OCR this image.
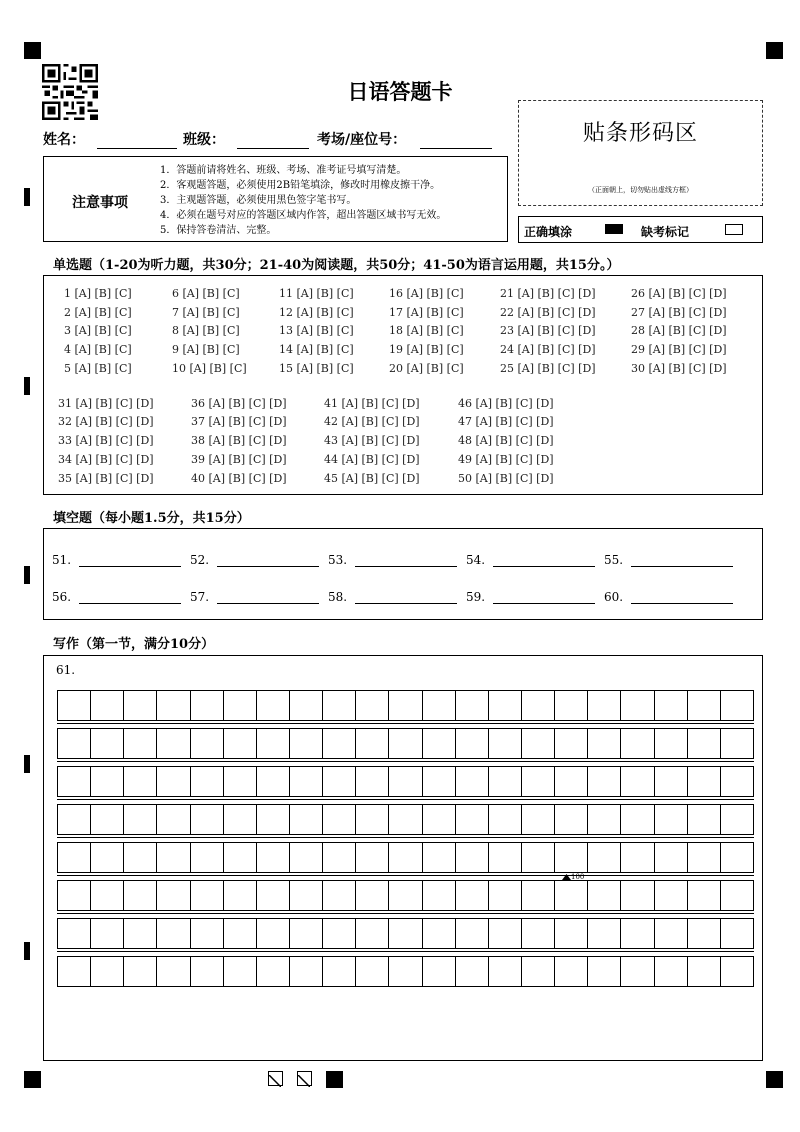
日语答题卡
姓名：	班级：	考场/座位号：
注意事项
1．答题前请将姓名、班级、考场、准考证号填写清楚。
2．客观题答题，必须使用2B铅笔填涂，修改时用橡皮擦干净。
3．主观题答题，必须使用黑色签字笔书写。
4．必须在题号对应的答题区域内作答，超出答题区域书写无效。
5．保持答卷清洁、完整。
贴条形码区
（正面朝上，切勿贴出虚线方框）
正确填涂	缺考标记
单选题（1-20为听力题，共30分；21-40为阅读题，共50分；41-50为语言运用题，共15分。）
1 [A] [B] [C]	6 [A] [B] [C]	11 [A] [B] [C]	16 [A] [B] [C]	21 [A] [B] [C] [D]	26 [A] [B] [C] [D]
2 [A] [B] [C]	7 [A] [B] [C]	12 [A] [B] [C]	17 [A] [B] [C]	22 [A] [B] [C] [D]	27 [A] [B] [C] [D]
3 [A] [B] [C]	8 [A] [B] [C]	13 [A] [B] [C]	18 [A] [B] [C]	23 [A] [B] [C] [D]	28 [A] [B] [C] [D]
4 [A] [B] [C]	9 [A] [B] [C]	14 [A] [B] [C]	19 [A] [B] [C]	24 [A] [B] [C] [D]	29 [A] [B] [C] [D]
5 [A] [B] [C]	10 [A] [B] [C]	15 [A] [B] [C]	20 [A] [B] [C]	25 [A] [B] [C] [D]	30 [A] [B] [C] [D]
31 [A] [B] [C] [D]	36 [A] [B] [C] [D]	41 [A] [B] [C] [D]	46 [A] [B] [C] [D]
32 [A] [B] [C] [D]	37 [A] [B] [C] [D]	42 [A] [B] [C] [D]	47 [A] [B] [C] [D]
33 [A] [B] [C] [D]	38 [A] [B] [C] [D]	43 [A] [B] [C] [D]	48 [A] [B] [C] [D]
34 [A] [B] [C] [D]	39 [A] [B] [C] [D]	44 [A] [B] [C] [D]	49 [A] [B] [C] [D]
35 [A] [B] [C] [D]	40 [A] [B] [C] [D]	45 [A] [B] [C] [D]	50 [A] [B] [C] [D]
填空题（每小题1.5分，共15分）
51.	52.	53.	54.	55.
56.	57.	58.	59.	60.
写作（第一节，满分10分）
61.
100
